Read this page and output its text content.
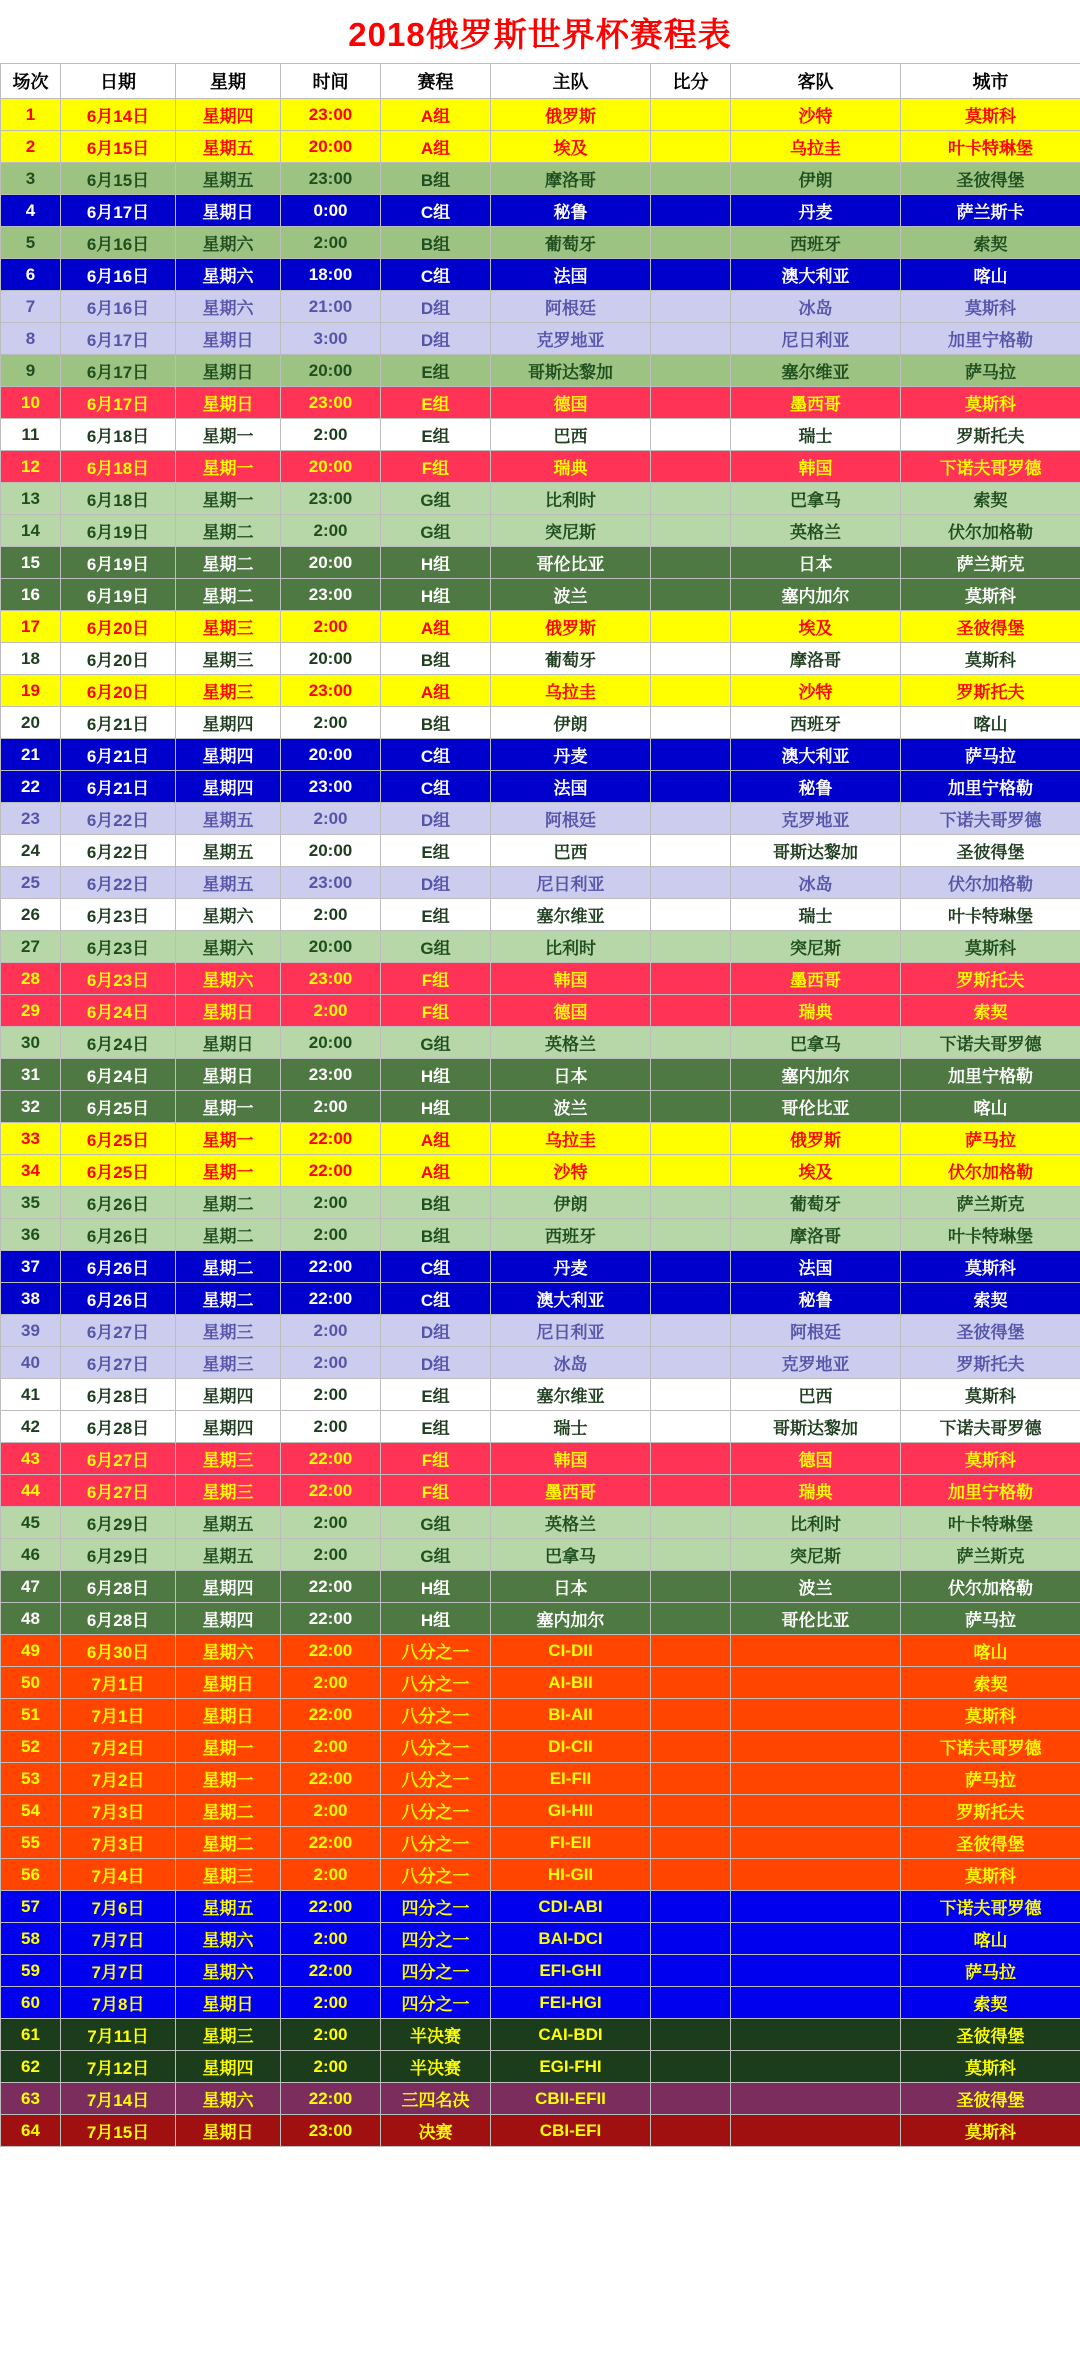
2018俄罗斯世界杯赛程表
场次	日期	星期	时间	赛程	主队	比分	客队	城市
1	6月14日	星期四	23:00	A组	俄罗斯		沙特	莫斯科
2	6月15日	星期五	20:00	A组	埃及		乌拉圭	叶卡特琳堡
3	6月15日	星期五	23:00	B组	摩洛哥		伊朗	圣彼得堡
4	6月17日	星期日	0:00	C组	秘鲁		丹麦	萨兰斯卡
5	6月16日	星期六	2:00	B组	葡萄牙		西班牙	索契
6	6月16日	星期六	18:00	C组	法国		澳大利亚	喀山
7	6月16日	星期六	21:00	D组	阿根廷		冰岛	莫斯科
8	6月17日	星期日	3:00	D组	克罗地亚		尼日利亚	加里宁格勒
9	6月17日	星期日	20:00	E组	哥斯达黎加		塞尔维亚	萨马拉
10	6月17日	星期日	23:00	E组	德国		墨西哥	莫斯科
11	6月18日	星期一	2:00	E组	巴西		瑞士	罗斯托夫
12	6月18日	星期一	20:00	F组	瑞典		韩国	下诺夫哥罗德
13	6月18日	星期一	23:00	G组	比利时		巴拿马	索契
14	6月19日	星期二	2:00	G组	突尼斯		英格兰	伏尔加格勒
15	6月19日	星期二	20:00	H组	哥伦比亚		日本	萨兰斯克
16	6月19日	星期二	23:00	H组	波兰		塞内加尔	莫斯科
17	6月20日	星期三	2:00	A组	俄罗斯		埃及	圣彼得堡
18	6月20日	星期三	20:00	B组	葡萄牙		摩洛哥	莫斯科
19	6月20日	星期三	23:00	A组	乌拉圭		沙特	罗斯托夫
20	6月21日	星期四	2:00	B组	伊朗		西班牙	喀山
21	6月21日	星期四	20:00	C组	丹麦		澳大利亚	萨马拉
22	6月21日	星期四	23:00	C组	法国		秘鲁	加里宁格勒
23	6月22日	星期五	2:00	D组	阿根廷		克罗地亚	下诺夫哥罗德
24	6月22日	星期五	20:00	E组	巴西		哥斯达黎加	圣彼得堡
25	6月22日	星期五	23:00	D组	尼日利亚		冰岛	伏尔加格勒
26	6月23日	星期六	2:00	E组	塞尔维亚		瑞士	叶卡特琳堡
27	6月23日	星期六	20:00	G组	比利时		突尼斯	莫斯科
28	6月23日	星期六	23:00	F组	韩国		墨西哥	罗斯托夫
29	6月24日	星期日	2:00	F组	德国		瑞典	索契
30	6月24日	星期日	20:00	G组	英格兰		巴拿马	下诺夫哥罗德
31	6月24日	星期日	23:00	H组	日本		塞内加尔	加里宁格勒
32	6月25日	星期一	2:00	H组	波兰		哥伦比亚	喀山
33	6月25日	星期一	22:00	A组	乌拉圭		俄罗斯	萨马拉
34	6月25日	星期一	22:00	A组	沙特		埃及	伏尔加格勒
35	6月26日	星期二	2:00	B组	伊朗		葡萄牙	萨兰斯克
36	6月26日	星期二	2:00	B组	西班牙		摩洛哥	叶卡特琳堡
37	6月26日	星期二	22:00	C组	丹麦		法国	莫斯科
38	6月26日	星期二	22:00	C组	澳大利亚		秘鲁	索契
39	6月27日	星期三	2:00	D组	尼日利亚		阿根廷	圣彼得堡
40	6月27日	星期三	2:00	D组	冰岛		克罗地亚	罗斯托夫
41	6月28日	星期四	2:00	E组	塞尔维亚		巴西	莫斯科
42	6月28日	星期四	2:00	E组	瑞士		哥斯达黎加	下诺夫哥罗德
43	6月27日	星期三	22:00	F组	韩国		德国	莫斯科
44	6月27日	星期三	22:00	F组	墨西哥		瑞典	加里宁格勒
45	6月29日	星期五	2:00	G组	英格兰		比利时	叶卡特琳堡
46	6月29日	星期五	2:00	G组	巴拿马		突尼斯	萨兰斯克
47	6月28日	星期四	22:00	H组	日本		波兰	伏尔加格勒
48	6月28日	星期四	22:00	H组	塞内加尔		哥伦比亚	萨马拉
49	6月30日	星期六	22:00	八分之一	CI-DII			喀山
50	7月1日	星期日	2:00	八分之一	AI-BII			索契
51	7月1日	星期日	22:00	八分之一	BI-AII			莫斯科
52	7月2日	星期一	2:00	八分之一	DI-CII			下诺夫哥罗德
53	7月2日	星期一	22:00	八分之一	EI-FII			萨马拉
54	7月3日	星期二	2:00	八分之一	GI-HII			罗斯托夫
55	7月3日	星期二	22:00	八分之一	FI-EII			圣彼得堡
56	7月4日	星期三	2:00	八分之一	HI-GII			莫斯科
57	7月6日	星期五	22:00	四分之一	CDI-ABI			下诺夫哥罗德
58	7月7日	星期六	2:00	四分之一	BAI-DCI			喀山
59	7月7日	星期六	22:00	四分之一	EFI-GHI			萨马拉
60	7月8日	星期日	2:00	四分之一	FEI-HGI			索契
61	7月11日	星期三	2:00	半决赛	CAI-BDI			圣彼得堡
62	7月12日	星期四	2:00	半决赛	EGI-FHI			莫斯科
63	7月14日	星期六	22:00	三四名决	CBII-EFII			圣彼得堡
64	7月15日	星期日	23:00	决赛	CBI-EFI			莫斯科
